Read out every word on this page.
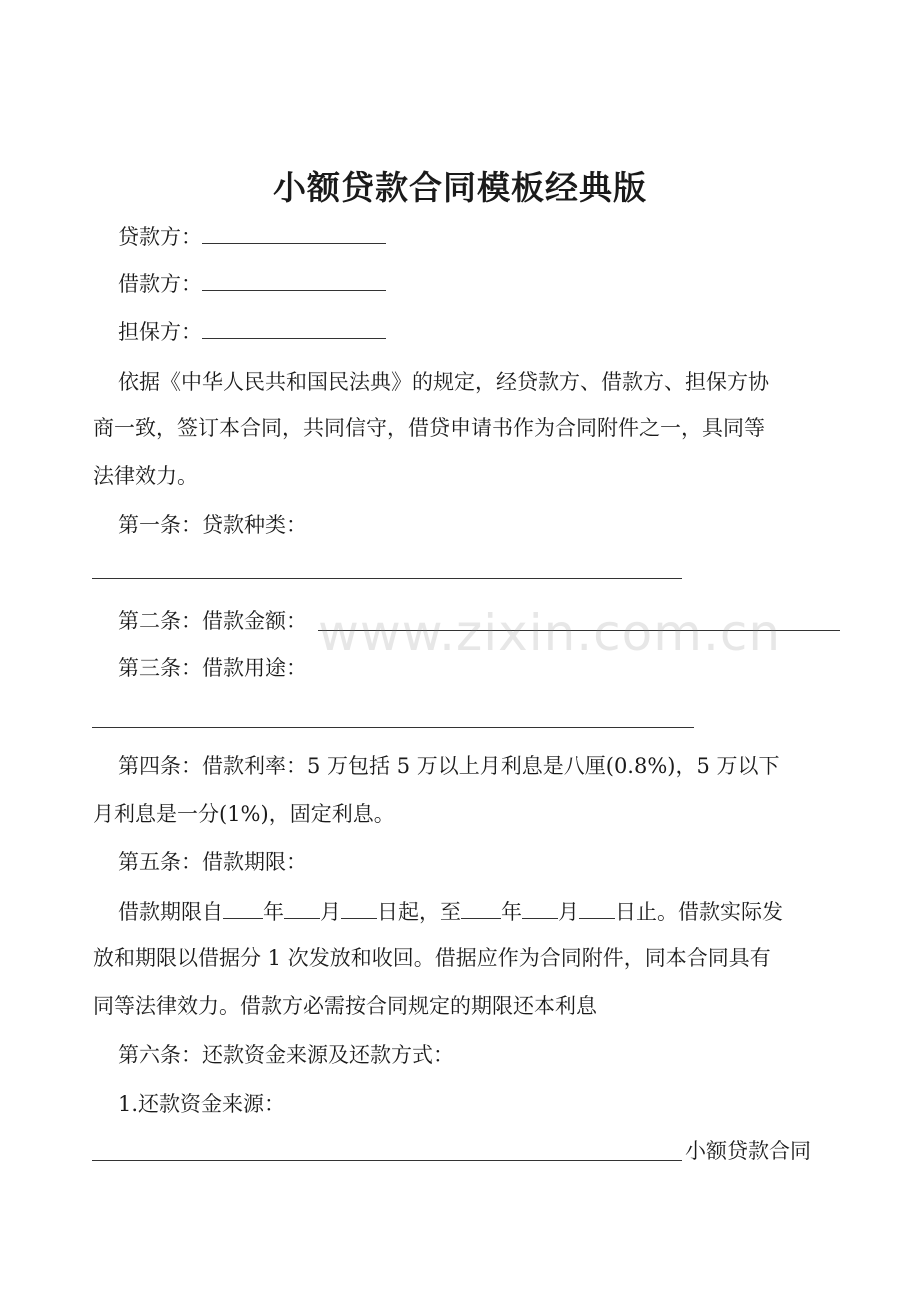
小额贷款合同模板经典版
贷款方：
借款方：
担保方：
依据《中华人民共和国民法典》的规定，经贷款方、借款方、担保方协
商一致，签订本合同，共同信守，借贷申请书作为合同附件之一，具同等
法律效力。
第一条：贷款种类：
第二条：借款金额：
第三条：借款用途：
第四条：借款利率：5 万包括 5 万以上月利息是八厘(0.8%)，5 万以下
月利息是一分(1%)，固定利息。
第五条：借款期限：
借款期限自 年 月 日起，至 年 月 日止。借款实际发
放和期限以借据分 1 次发放和收回。借据应作为合同附件，同本合同具有
同等法律效力。借款方必需按合同规定的期限还本利息
第六条：还款资金来源及还款方式：
1.还款资金来源：
小额贷款合同
www.zixin.com.cn
